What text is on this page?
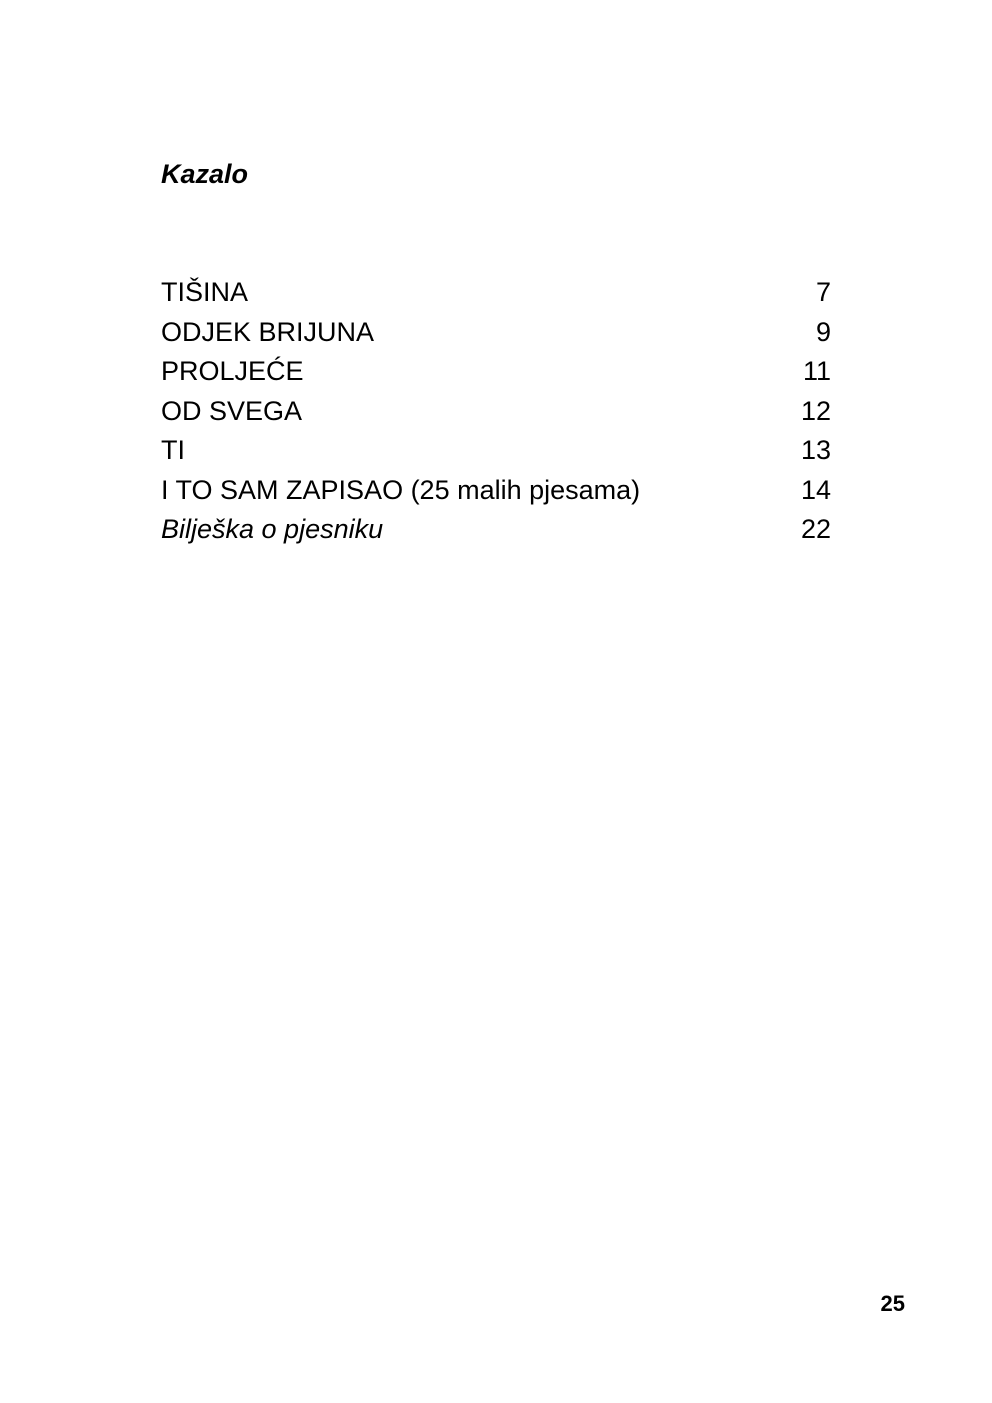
Kazalo
TIŠINA	7
ODJEK BRIJUNA	9
PROLJEĆE	11
OD SVEGA	12
TI	13
I TO SAM ZAPISAO (25 malih pjesama)	14
Bilješka o pjesniku	22
25
